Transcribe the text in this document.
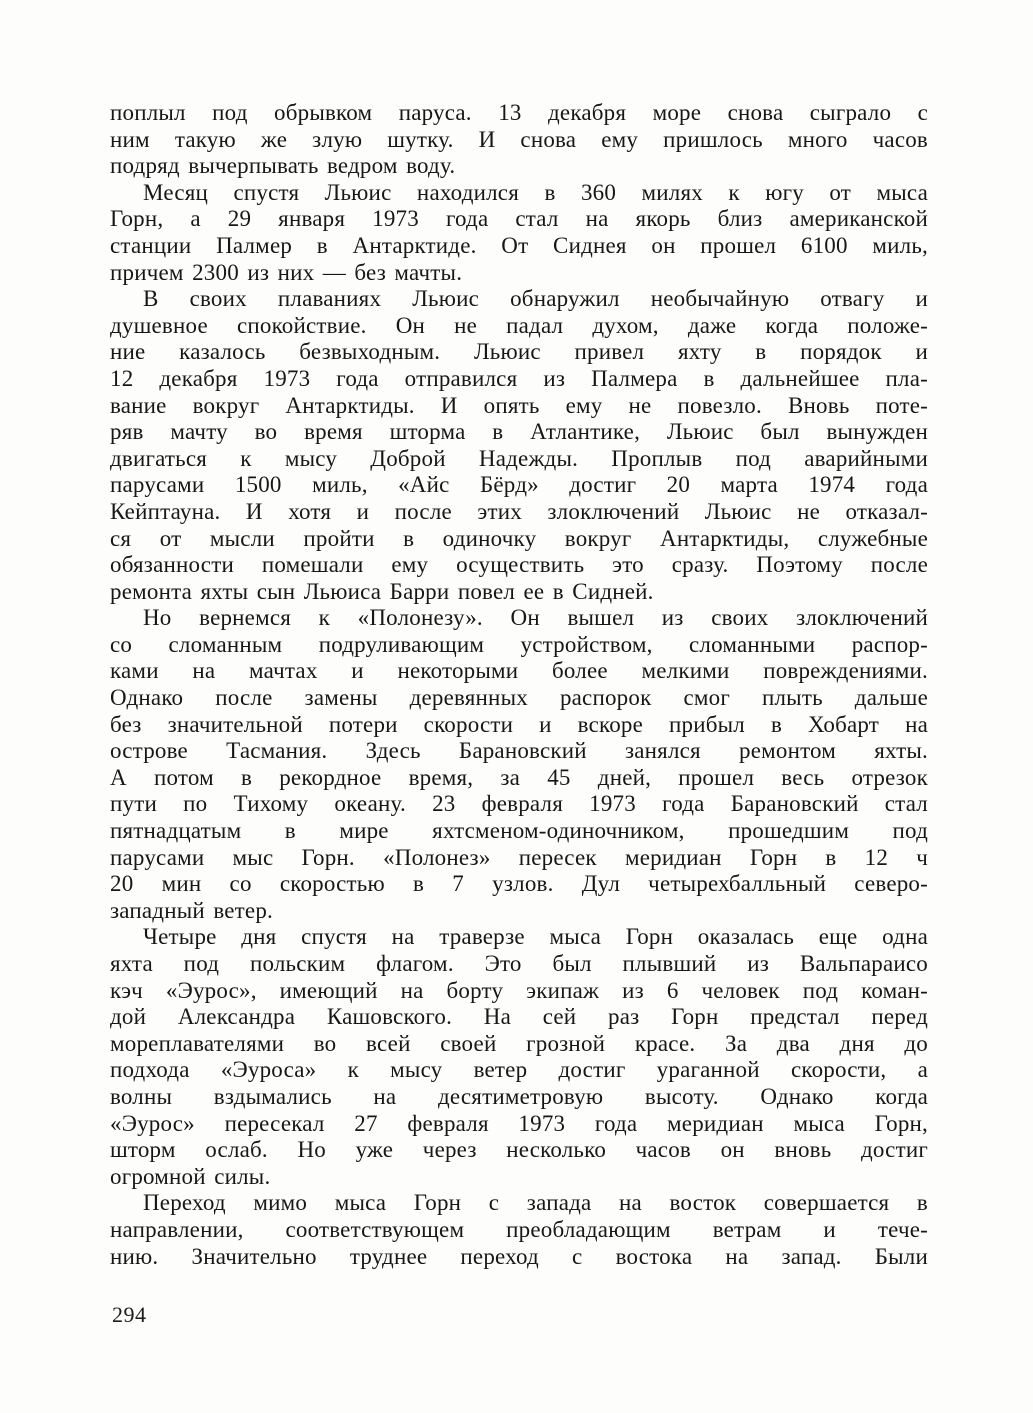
поплыл под обрывком паруса. 13 декабря море снова сыграло с
ним такую же злую шутку. И снова ему пришлось много часов
подряд вычерпывать ведром воду.
Месяц спустя Льюис находился в 360 милях к югу от мыса
Горн, а 29 января 1973 года стал на якорь близ американской
станции Палмер в Антарктиде. От Сиднея он прошел 6100 миль,
причем 2300 из них — без мачты.
В своих плаваниях Льюис обнаружил необычайную отвагу и
душевное спокойствие. Он не падал духом, даже когда положе-
ние казалось безвыходным. Льюис привел яхту в порядок и
12 декабря 1973 года отправился из Палмера в дальнейшее пла-
вание вокруг Антарктиды. И опять ему не повезло. Вновь поте-
ряв мачту во время шторма в Атлантике, Льюис был вынужден
двигаться к мысу Доброй Надежды. Проплыв под аварийными
парусами 1500 миль, «Айс Бёрд» достиг 20 марта 1974 года
Кейптауна. И хотя и после этих злоключений Льюис не отказал-
ся от мысли пройти в одиночку вокруг Антарктиды, служебные
обязанности помешали ему осуществить это сразу. Поэтому после
ремонта яхты сын Льюиса Барри повел ее в Сидней.
Но вернемся к «Полонезу». Он вышел из своих злоключений
со сломанным подруливающим устройством, сломанными распор-
ками на мачтах и некоторыми более мелкими повреждениями.
Однако после замены деревянных распорок смог плыть дальше
без значительной потери скорости и вскоре прибыл в Хобарт на
острове Тасмания. Здесь Барановский занялся ремонтом яхты.
А потом в рекордное время, за 45 дней, прошел весь отрезок
пути по Тихому океану. 23 февраля 1973 года Барановский стал
пятнадцатым в мире яхтсменом-одиночником, прошедшим под
парусами мыс Горн. «Полонез» пересек меридиан Горн в 12 ч
20 мин со скоростью в 7 узлов. Дул четырехбалльный северо-
западный ветер.
Четыре дня спустя на траверзе мыса Горн оказалась еще одна
яхта под польским флагом. Это был плывший из Вальпараисо
кэч «Эурос», имеющий на борту экипаж из 6 человек под коман-
дой Александра Кашовского. На сей раз Горн предстал перед
мореплавателями во всей своей грозной красе. За два дня до
подхода «Эуроса» к мысу ветер достиг ураганной скорости, а
волны вздымались на десятиметровую высоту. Однако когда
«Эурос» пересекал 27 февраля 1973 года меридиан мыса Горн,
шторм ослаб. Но уже через несколько часов он вновь достиг
огромной силы.
Переход мимо мыса Горн с запада на восток совершается в
направлении, соответствующем преобладающим ветрам и тече-
нию. Значительно труднее переход с востока на запад. Были
294
